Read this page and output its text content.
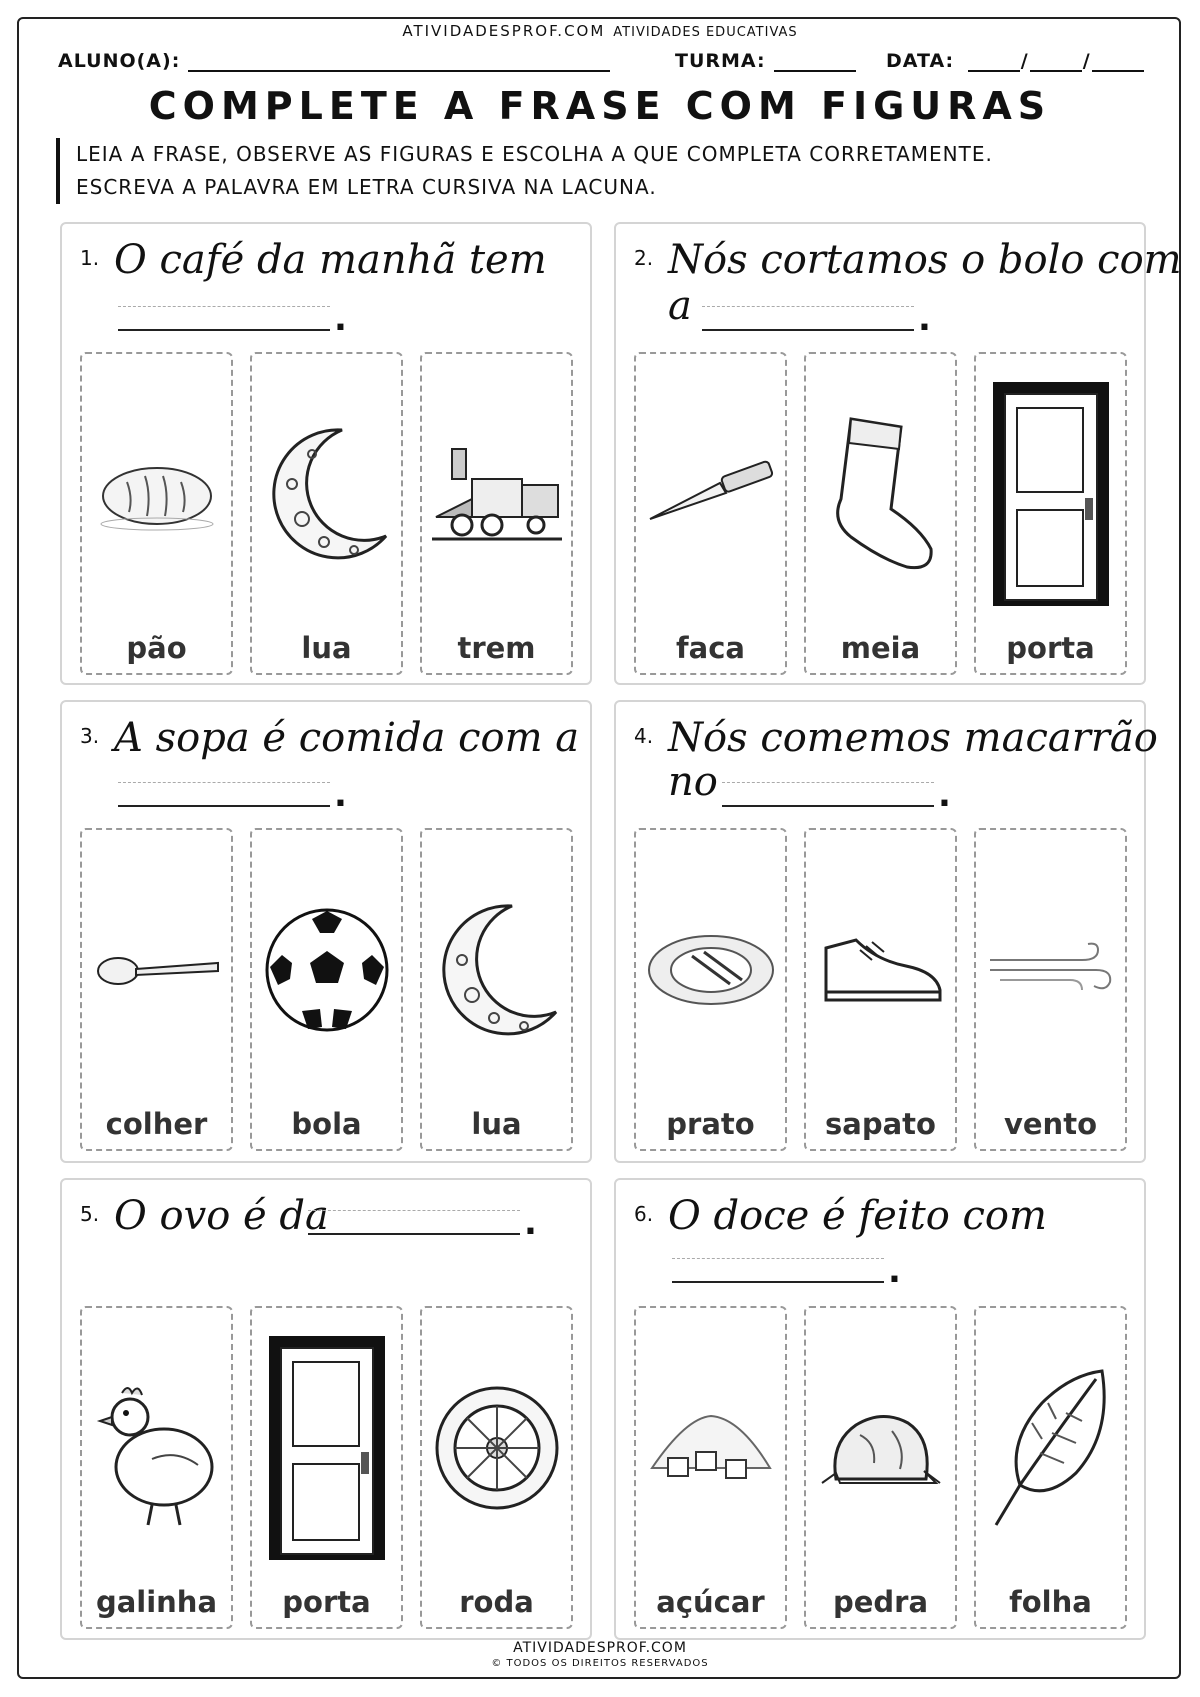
ATIVIDADESPROF.COM ATIVIDADES EDUCATIVAS
ALUNO(A):	TURMA:	DATA:	/	/
COMPLETE A FRASE COM FIGURAS
LEIA A FRASE, OBSERVE AS FIGURAS E ESCOLHA A QUE COMPLETA CORRETAMENTE.
ESCREVA A PALAVRA EM LETRA CURSIVA NA LACUNA.
1. O café da manhã tem
.
pão	lua	trem
2. Nós cortamos o bolo com
a	.
faca	meia	porta
3. A sopa é comida com a
.
colher	bola	lua
4. Nós comemos macarrão
no	.
prato	sapato	vento
5. O ovo é da	.
galinha	porta	roda
6. O doce é feito com
.
açúcar	pedra	folha
ATIVIDADESPROF.COM
© TODOS OS DIREITOS RESERVADOS
